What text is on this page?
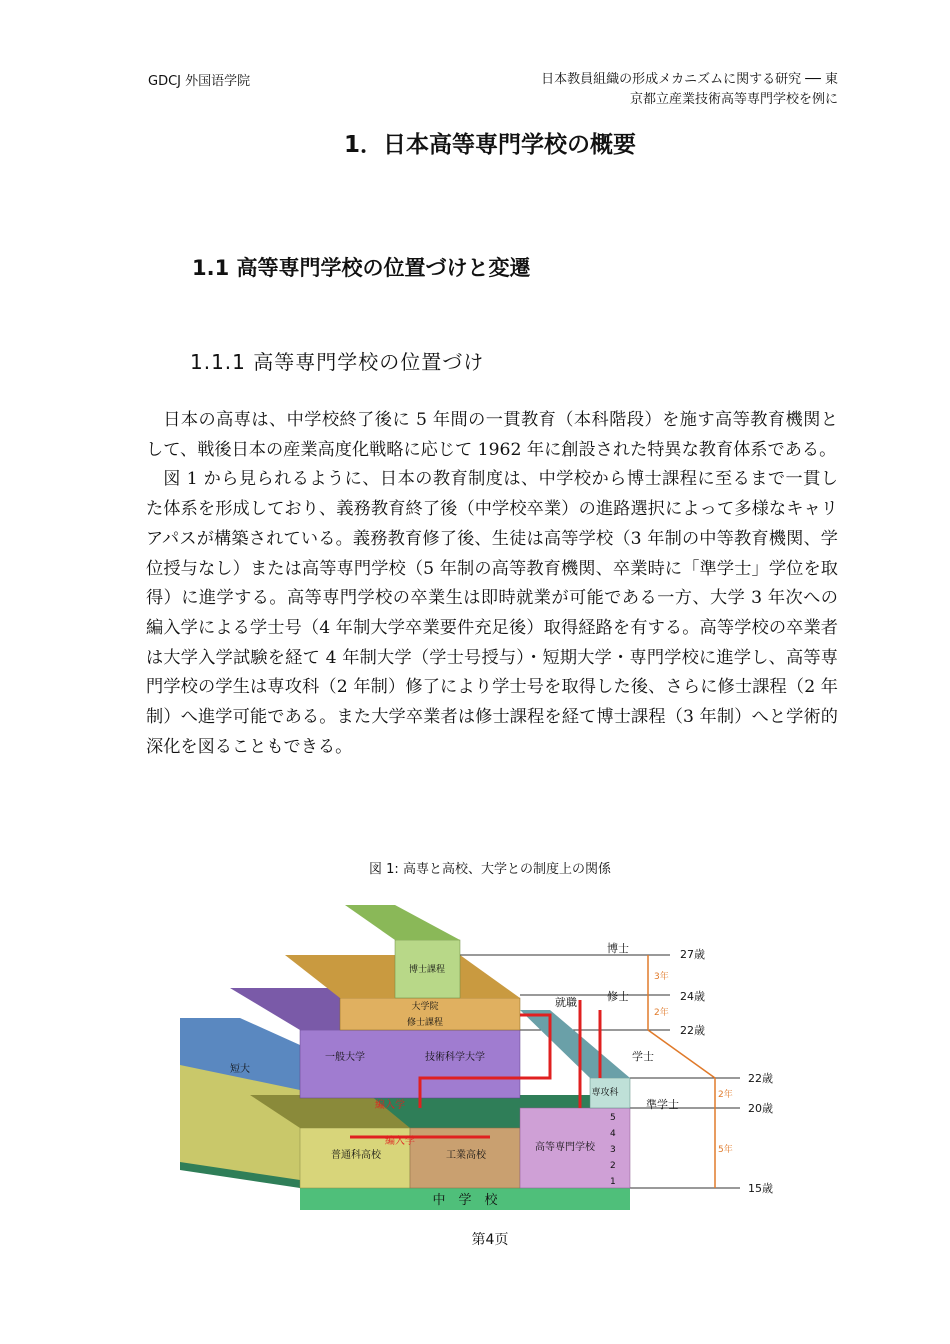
GDCJ 外国语学院	日本教員組織の形成メカニズムに関する研究 ── 東
京都立産業技術高等専門学校を例に
1．日本高等専門学校の概要
1.1 高等専門学校の位置づけと変遷
1.1.1 高等専門学校の位置づけ

日本の高専は、中学校終了後に 5 年間の一貫教育（本科階段）を施す高等教育機関として、戦後日本の産業高度化戦略に応じて 1962 年に創設された特異な教育体系である。

図 1 から見られるように、日本の教育制度は、中学校から博士課程に至るまで一貫した体系を形成しており、義務教育終了後（中学校卒業）の進路選択によって多様なキャリアパスが構築されている。義務教育修了後、生徒は高等学校（3 年制の中等教育機関、学位授与なし）または高等専門学校（5 年制の高等教育機関、卒業時に「準学士」学位を取得）に進学する。高等専門学校の卒業生は即時就業が可能である一方、大学 3 年次への編入学による学士号（4 年制大学卒業要件充足後）取得経路を有する。高等学校の卒業者は大学入学試験を経て 4 年制大学（学士号授与）・短期大学・専門学校に進学し、高等専門学校の学生は専攻科（2 年制）修了により学士号を取得した後、さらに修士課程（2 年制）へ進学可能である。また大学卒業者は修士課程を経て博士課程（3 年制）へと学術的深化を図ることもできる。

図 1: 高専と高校、大学との制度上の関係
中　学　校
普通科高校	工業高校
高等専門学校
専攻科
短大
一般大学	技術科学大学
大学院
修士課程
博士課程
編入学
編入学
就職
博士
修士
学士
準学士
3年
2年
2年
5年
27歳
24歳
22歳
22歳
20歳
15歳
1
2
3
4
5
第4页
